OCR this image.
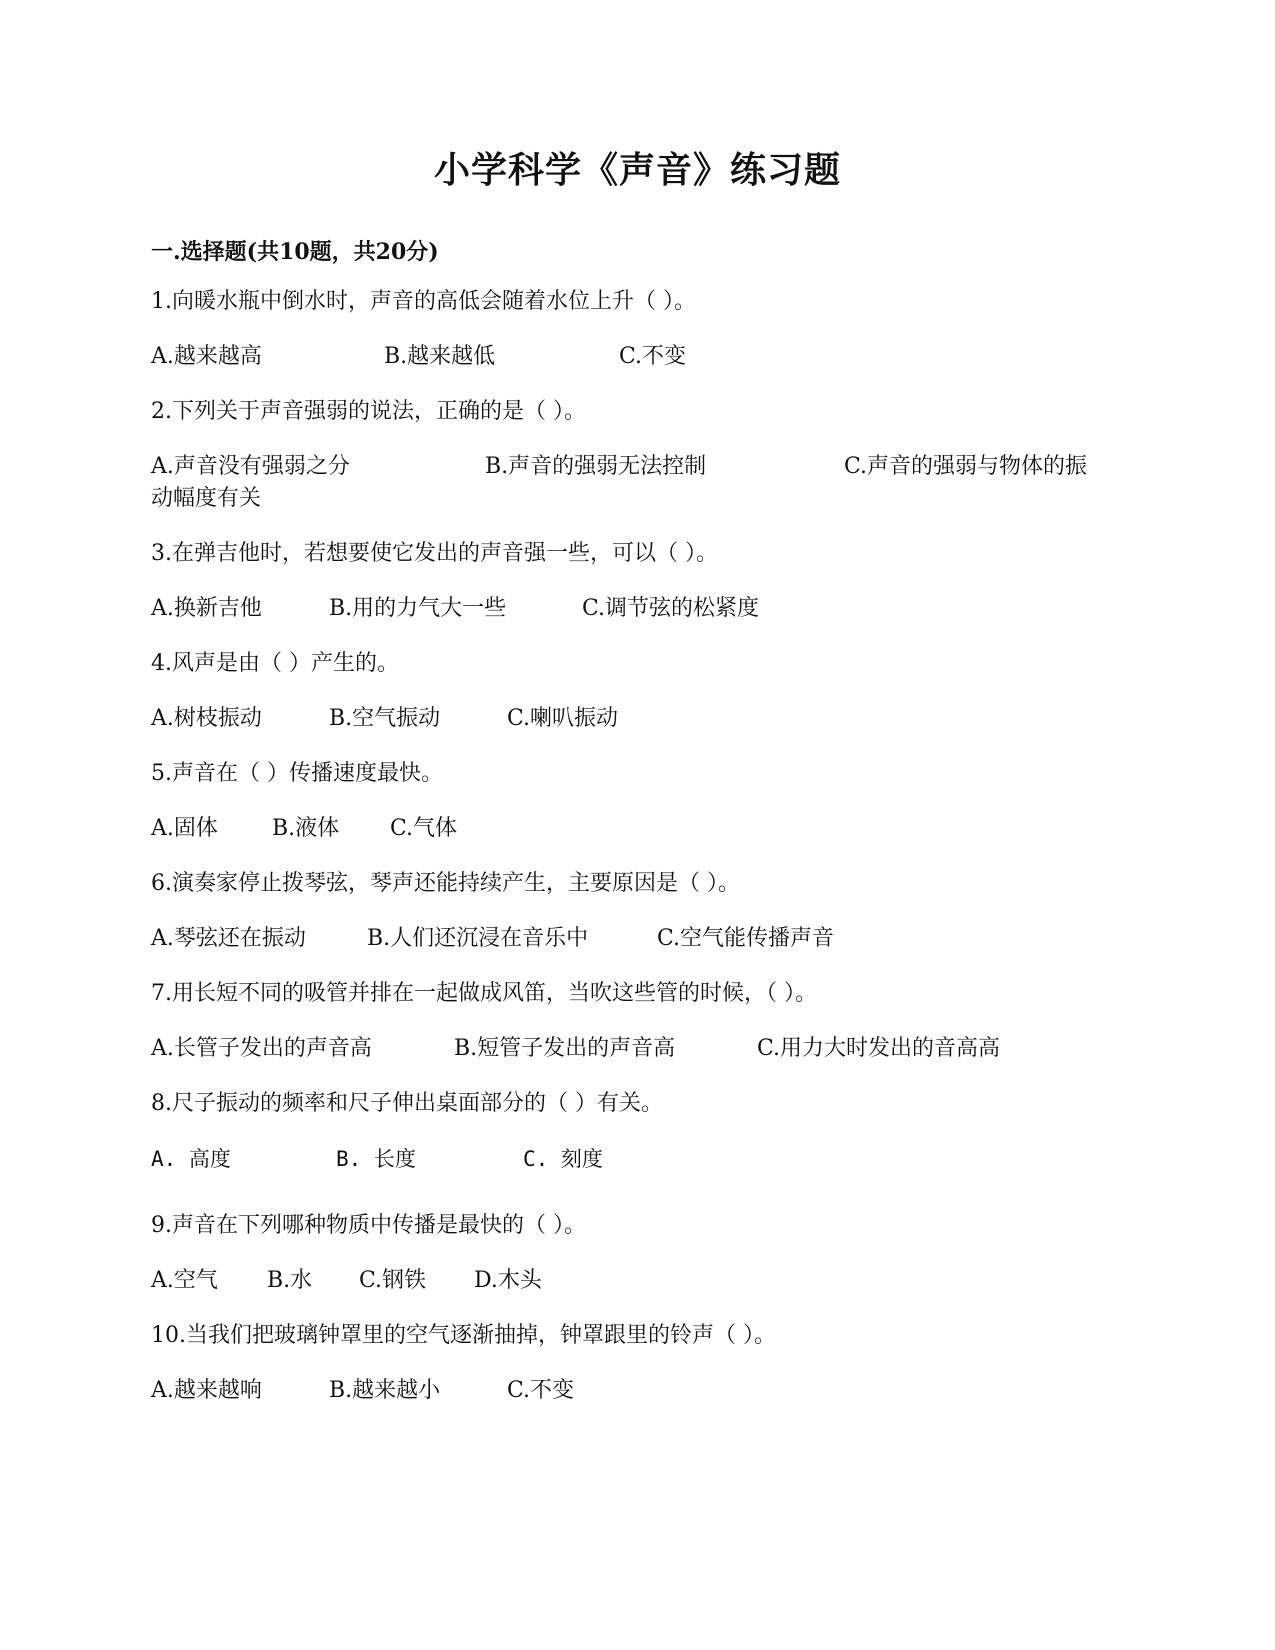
小学科学《声音》练习题
一.选择题(共10题，共20分)
1.向暖水瓶中倒水时，声音的高低会随着水位上升（ ）。
A.越来越高	B.越来越低	C.不变
2.下列关于声音强弱的说法，正确的是（ ）。
A.声音没有强弱之分	B.声音的强弱无法控制	C.声音的强弱与物体的振
动幅度有关
3.在弹吉他时，若想要使它发出的声音强一些，可以（ ）。
A.换新吉他	B.用的力气大一些	C.调节弦的松紧度
4.风声是由（ ）产生的。
A.树枝振动	B.空气振动	C.喇叭振动
5.声音在（ ）传播速度最快。
A.固体 B.液体 C.气体
6.演奏家停止拨琴弦，琴声还能持续产生，主要原因是（ ）。
A.琴弦还在振动	B.人们还沉浸在音乐中	C.空气能传播声音
7.用长短不同的吸管并排在一起做成风笛，当吹这些管的时候，（ ）。
A.长管子发出的声音高	B.短管子发出的声音高	C.用力大时发出的音高高
8.尺子振动的频率和尺子伸出桌面部分的（ ）有关。
A. 高度	B. 长度	C. 刻度
9.声音在下列哪种物质中传播是最快的（ ）。
A.空气 B.水 C.钢铁 D.木头
10.当我们把玻璃钟罩里的空气逐渐抽掉，钟罩跟里的铃声（ ）。
A.越来越响	B.越来越小	C.不变
